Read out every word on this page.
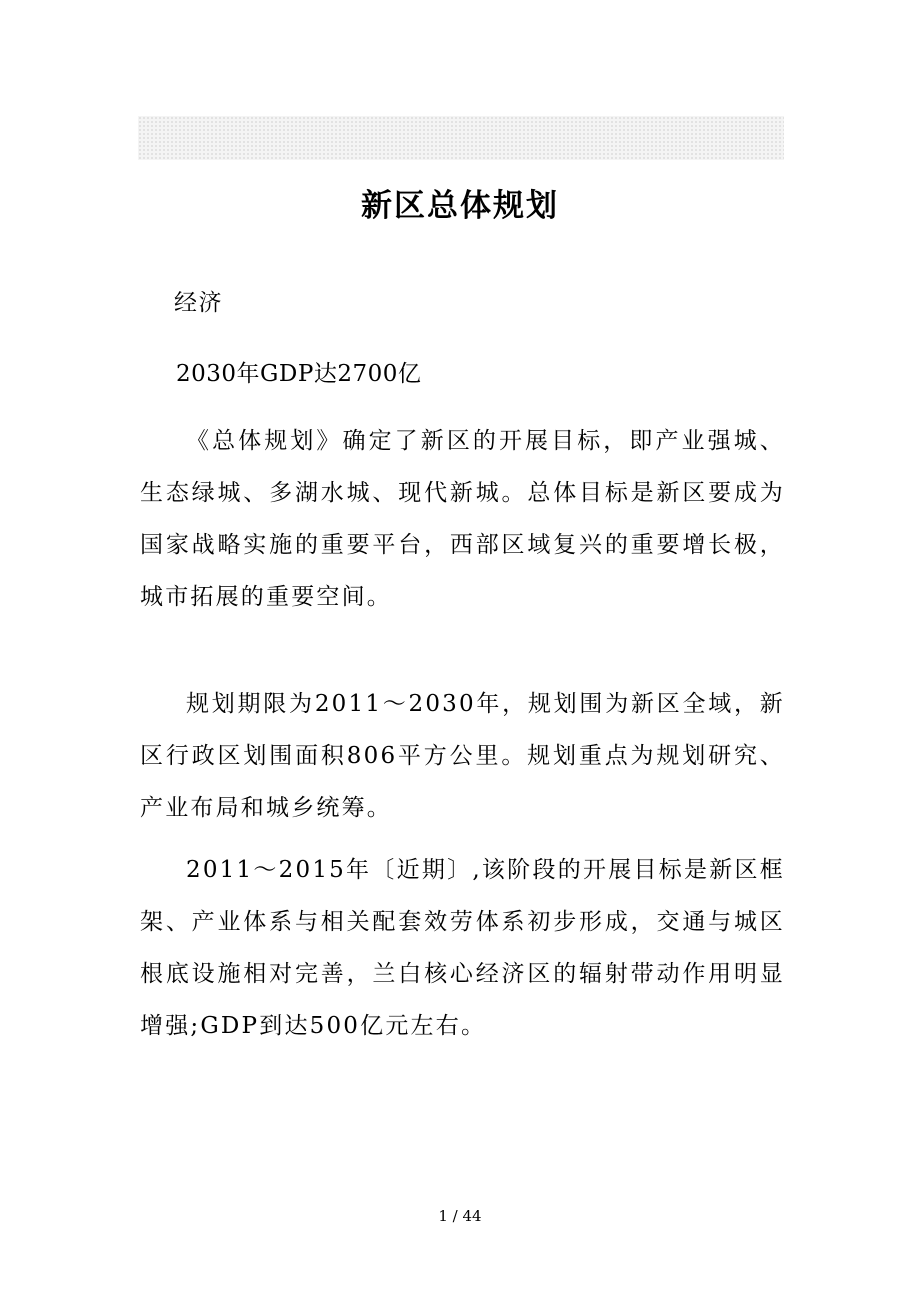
新区总体规划
经济
2030年GDP达2700亿

《总体规划》确定了新区的开展目标，即产业强城、生态绿城、多湖水城、现代新城。总体目标是新区要成为国家战略实施的重要平台，西部区域复兴的重要增长极，城市拓展的重要空间。

规划期限为2011～2030年，规划围为新区全域，新区行政区划围面积806平方公里。规划重点为规划研究、产业布局和城乡统筹。

2011～2015年〔近期〕,该阶段的开展目标是新区框架、产业体系与相关配套效劳体系初步形成，交通与城区根底设施相对完善，兰白核心经济区的辐射带动作用明显增强;GDP到达500亿元左右。

1 / 44
